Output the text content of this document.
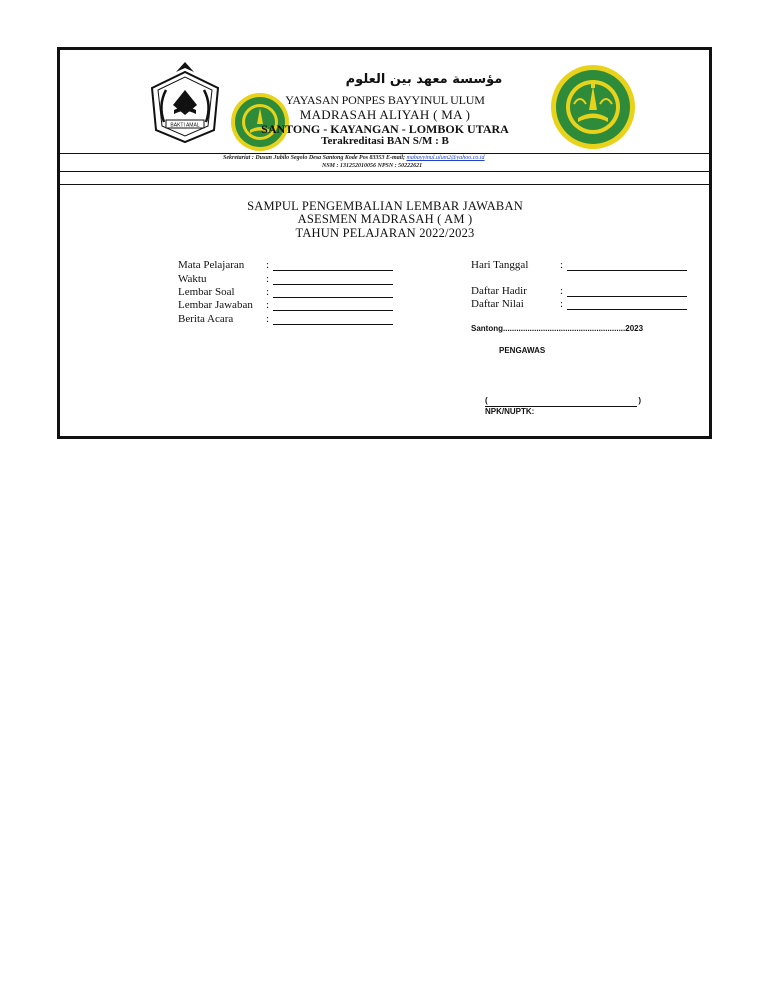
BAKTI AMAL
مؤسسة معهد بين العلوم
YAYASAN PONPES BAYYINUL ULUM
MADRASAH ALIYAH ( MA )
SANTONG - KAYANGAN - LOMBOK UTARA
Terakreditasi BAN S/M : B
Sekretariat : Dusun Jubilo Segolo Desa Santong Kode Pos 83353 E-mail; mabayyinul.ulum2@yahoo.co.id
NSM : 131252010056 NPSN : 50222621
SAMPUL PENGEMBALIAN LEMBAR JAWABAN
ASESMEN MADRASAH ( AM )
TAHUN PELAJARAN 2022/2023
Mata Pelajaran :
Waktu	:
Lembar Soal	:
Lembar Jawaban :
Berita Acara	:
Hari Tanggal	:
Daftar Hadir	:
Daftar Nilai	:
Santong.......................................................2023
PENGAWAS
(	)
NPK/NUPTK:
